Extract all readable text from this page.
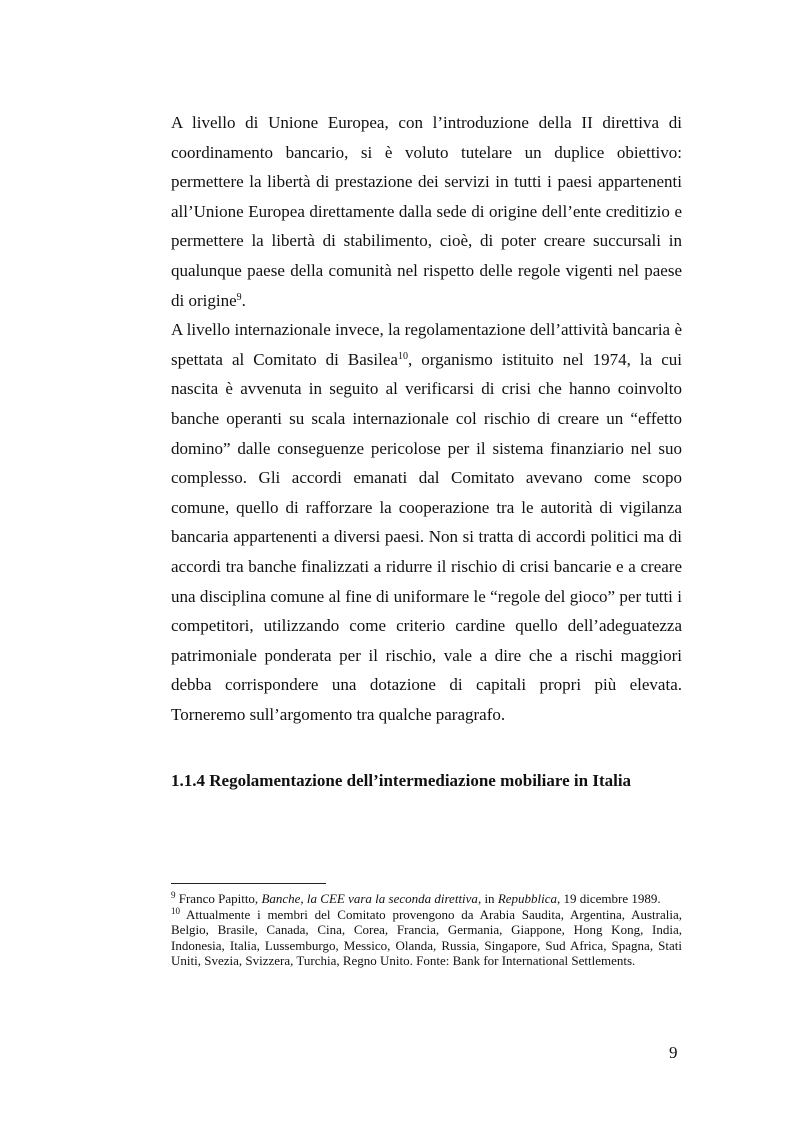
A livello di Unione Europea, con l’introduzione della II direttiva di coordinamento bancario, si è voluto tutelare un duplice obiettivo: permettere la libertà di prestazione dei servizi in tutti i paesi appartenenti all’Unione Europea direttamente dalla sede di origine dell’ente creditizio e permettere la libertà di stabilimento, cioè, di poter creare succursali in qualunque paese della comunità nel rispetto delle regole vigenti nel paese di origine$^9$.

A livello internazionale invece, la regolamentazione dell’attività bancaria è spettata al Comitato di Basilea$^{10}$, organismo istituito nel 1974, la cui nascita è avvenuta in seguito al verificarsi di crisi che hanno coinvolto banche operanti su scala internazionale col rischio di creare un “effetto domino” dalle conseguenze pericolose per il sistema finanziario nel suo complesso. Gli accordi emanati dal Comitato avevano come scopo comune, quello di rafforzare la cooperazione tra le autorità di vigilanza bancaria appartenenti a diversi paesi. Non si tratta di accordi politici ma di accordi tra banche finalizzati a ridurre il rischio di crisi bancarie e a creare una disciplina comune al fine di uniformare le “regole del gioco” per tutti i competitori, utilizzando come criterio cardine quello dell’adeguatezza patrimoniale ponderata per il rischio, vale a dire che a rischi maggiori debba corrispondere una dotazione di capitali propri più elevata. Torneremo sull’argomento tra qualche paragrafo.

1.1.4 Regolamentazione dell’intermediazione mobiliare in Italia

$^9$ Franco Papitto, Banche, la CEE vara la seconda direttiva, in Repubblica, 19 dicembre 1989.

$^{10}$ Attualmente i membri del Comitato provengono da Arabia Saudita, Argentina, Australia, Belgio, Brasile, Canada, Cina, Corea, Francia, Germania, Giappone, Hong Kong, India, Indonesia, Italia, Lussemburgo, Messico, Olanda, Russia, Singapore, Sud Africa, Spagna, Stati Uniti, Svezia, Svizzera, Turchia, Regno Unito. Fonte: Bank for International Settlements.

9
